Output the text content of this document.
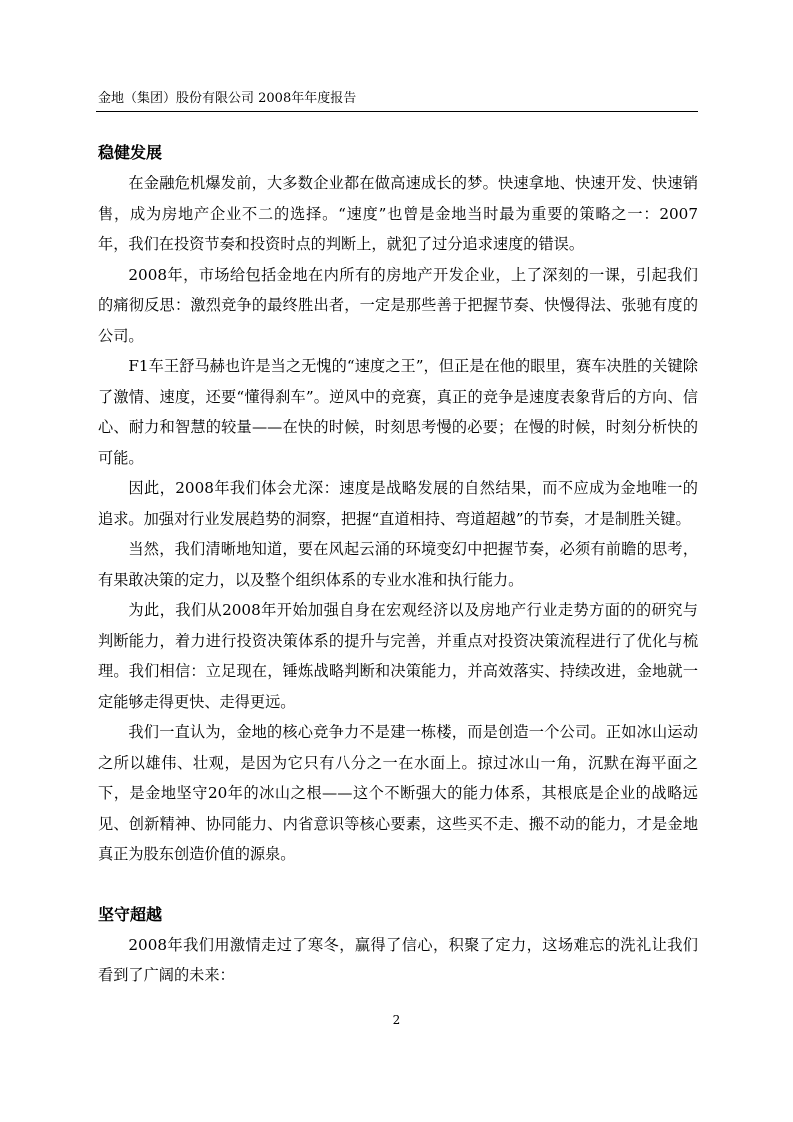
金地（集团）股份有限公司 2008年年度报告
稳健发展

在金融危机爆发前，大多数企业都在做高速成长的梦。快速拿地、快速开发、快速销售，成为房地产企业不二的选择。“速度”也曾是金地当时最为重要的策略之一：2007年，我们在投资节奏和投资时点的判断上，就犯了过分追求速度的错误。

2008年，市场给包括金地在内所有的房地产开发企业，上了深刻的一课，引起我们的痛彻反思：激烈竞争的最终胜出者，一定是那些善于把握节奏、快慢得法、张驰有度的公司。

F1车王舒马赫也许是当之无愧的“速度之王”，但正是在他的眼里，赛车决胜的关键除了激情、速度，还要“懂得刹车”。逆风中的竞赛，真正的竞争是速度表象背后的方向、信心、耐力和智慧的较量——在快的时候，时刻思考慢的必要；在慢的时候，时刻分析快的可能。

因此，2008年我们体会尤深：速度是战略发展的自然结果，而不应成为金地唯一的追求。加强对行业发展趋势的洞察，把握“直道相持、弯道超越”的节奏，才是制胜关键。

当然，我们清晰地知道，要在风起云涌的环境变幻中把握节奏，必须有前瞻的思考，有果敢决策的定力，以及整个组织体系的专业水准和执行能力。

为此，我们从2008年开始加强自身在宏观经济以及房地产行业走势方面的的研究与判断能力，着力进行投资决策体系的提升与完善，并重点对投资决策流程进行了优化与梳理。我们相信：立足现在，锤炼战略判断和决策能力，并高效落实、持续改进，金地就一定能够走得更快、走得更远。

我们一直认为，金地的核心竞争力不是建一栋楼，而是创造一个公司。正如冰山运动之所以雄伟、壮观，是因为它只有八分之一在水面上。掠过冰山一角，沉默在海平面之下，是金地坚守20年的冰山之根——这个不断强大的能力体系，其根底是企业的战略远见、创新精神、协同能力、内省意识等核心要素，这些买不走、搬不动的能力，才是金地真正为股东创造价值的源泉。

坚守超越

2008年我们用激情走过了寒冬，赢得了信心，积聚了定力，这场难忘的洗礼让我们看到了广阔的未来：

2
